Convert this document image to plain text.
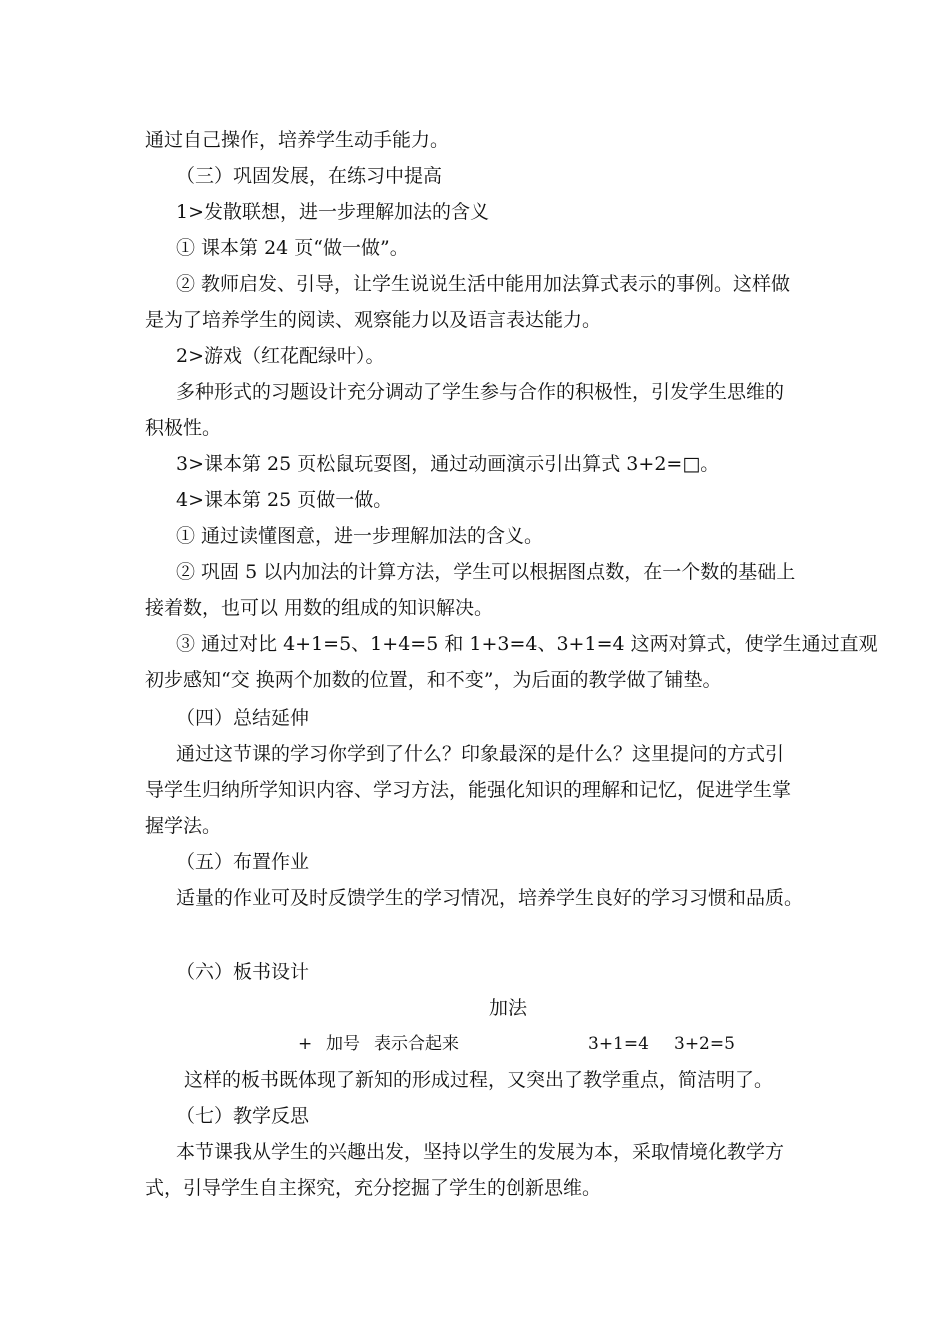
通过自己操作，培养学生动手能力。
（三）巩固发展，在练习中提高
1>发散联想，进一步理解加法的含义
① 课本第 24 页“做一做”。
② 教师启发、引导，让学生说说生活中能用加法算式表示的事例。这样做
是为了培养学生的阅读、观察能力以及语言表达能力。
2>游戏（红花配绿叶）。
多种形式的习题设计充分调动了学生参与合作的积极性，引发学生思维的
积极性。
3>课本第 25 页松鼠玩耍图，通过动画演示引出算式 3+2=□。
4>课本第 25 页做一做。
① 通过读懂图意，进一步理解加法的含义。
② 巩固 5 以内加法的计算方法，学生可以根据图点数，在一个数的基础上
接着数，也可以 用数的组成的知识解决。
③ 通过对比 4+1=5、1+4=5 和 1+3=4、3+1=4 这两对算式，使学生通过直观
初步感知“交 换两个加数的位置，和不变”，为后面的教学做了铺垫。
（四）总结延伸
通过这节课的学习你学到了什么？印象最深的是什么？这里提问的方式引
导学生归纳所学知识内容、学习方法，能强化知识的理解和记忆，促进学生掌
握学法。
（五）布置作业
适量的作业可及时反馈学生的学习情况，培养学生良好的学习习惯和品质。
（六）板书设计
加法
+ 加号 表示合起来	3+1=4 3+2=5
这样的板书既体现了新知的形成过程，又突出了教学重点，简洁明了。
（七）教学反思
本节课我从学生的兴趣出发，坚持以学生的发展为本，采取情境化教学方
式，引导学生自主探究，充分挖掘了学生的创新思维。
